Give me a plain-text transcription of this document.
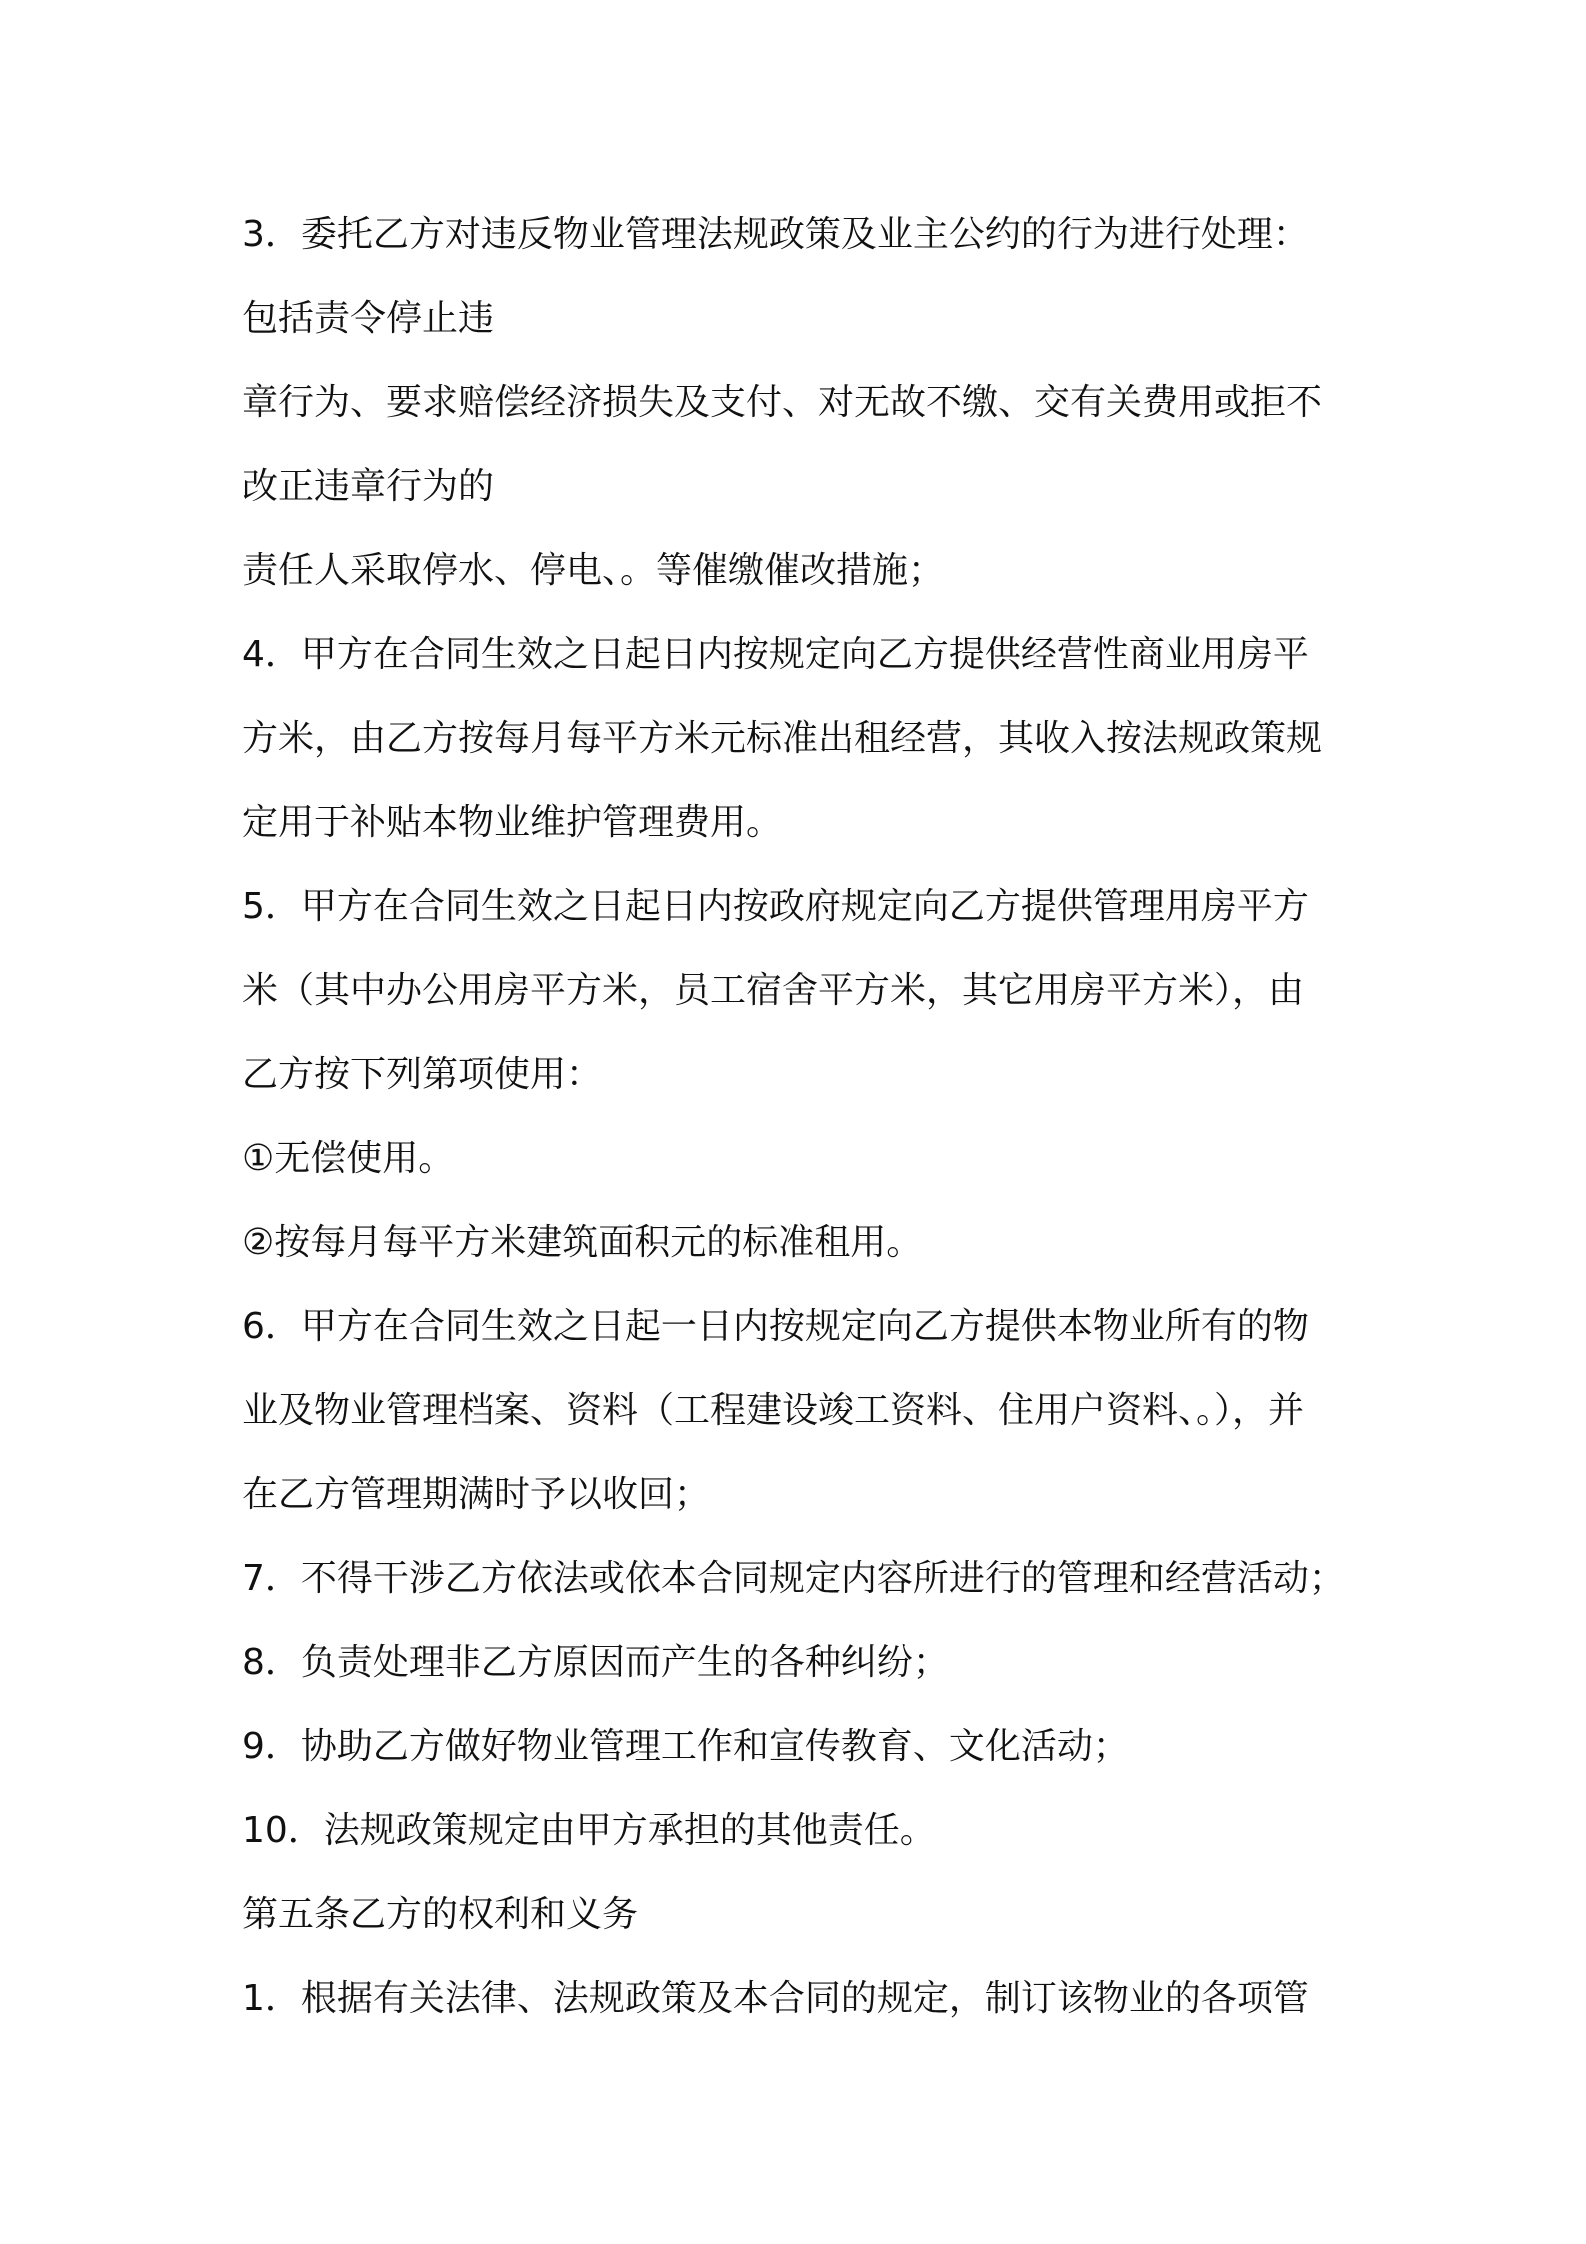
3．委托乙方对违反物业管理法规政策及业主公约的行为进行处理：
包括责令停止违
章行为、要求赔偿经济损失及支付、对无故不缴、交有关费用或拒不
改正违章行为的
责任人采取停水、停电、。等催缴催改措施；
4．甲方在合同生效之日起日内按规定向乙方提供经营性商业用房平
方米，由乙方按每月每平方米元标准出租经营，其收入按法规政策规
定用于补贴本物业维护管理费用。
5．甲方在合同生效之日起日内按政府规定向乙方提供管理用房平方
米（其中办公用房平方米，员工宿舍平方米，其它用房平方米），由
乙方按下列第项使用：
①无偿使用。
②按每月每平方米建筑面积元的标准租用。
6．甲方在合同生效之日起一日内按规定向乙方提供本物业所有的物
业及物业管理档案、资料（工程建设竣工资料、住用户资料、。），并
在乙方管理期满时予以收回；
7．不得干涉乙方依法或依本合同规定内容所进行的管理和经营活动；
8．负责处理非乙方原因而产生的各种纠纷；
9．协助乙方做好物业管理工作和宣传教育、文化活动；
10．法规政策规定由甲方承担的其他责任。
第五条乙方的权利和义务
1．根据有关法律、法规政策及本合同的规定，制订该物业的各项管
